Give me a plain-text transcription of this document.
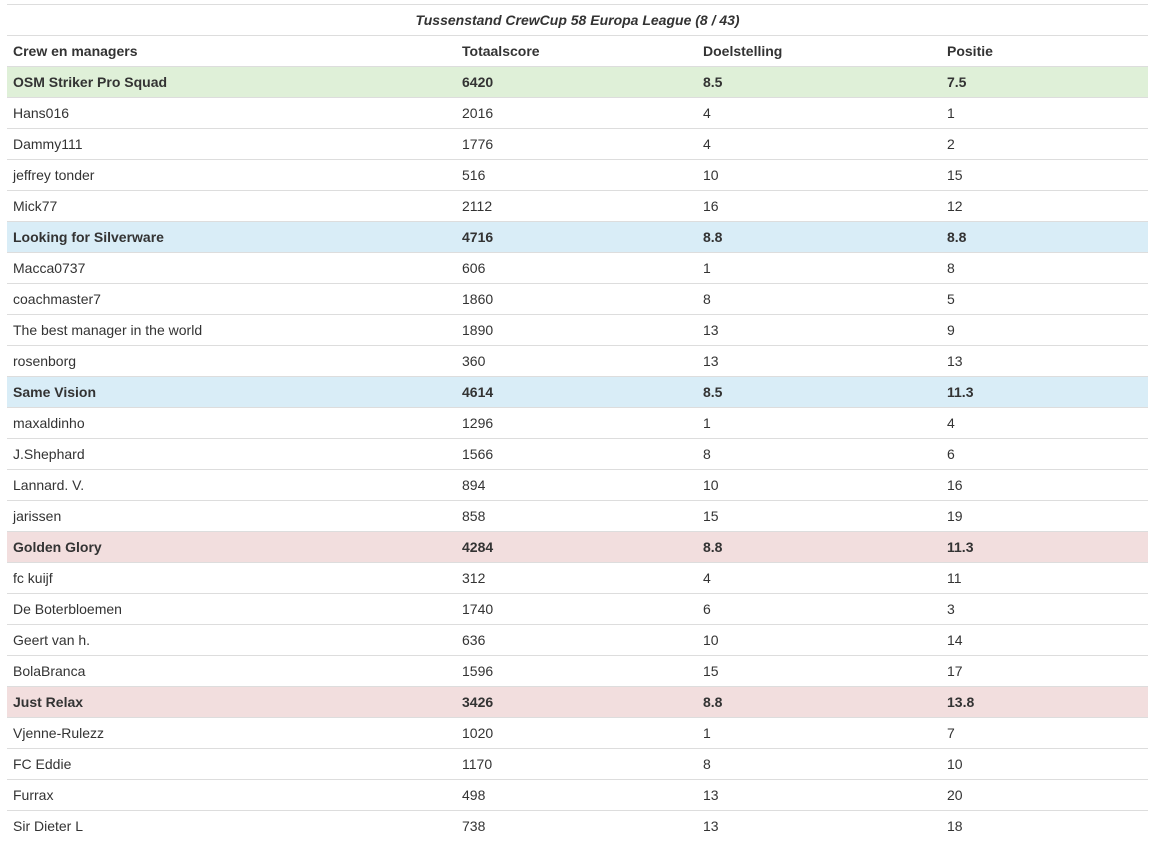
Tussenstand CrewCup 58 Europa League (8 / 43)			
Crew en managers	Totaalscore	Doelstelling	Positie
OSM Striker Pro Squad	6420	8.5	7.5
Hans016	2016	4	1
Dammy111	1776	4	2
jeffrey tonder	516	10	15
Mick77	2112	16	12
Looking for Silverware	4716	8.8	8.8
Macca0737	606	1	8
coachmaster7	1860	8	5
The best manager in the world	1890	13	9
rosenborg	360	13	13
Same Vision	4614	8.5	11.3
maxaldinho	1296	1	4
J.Shephard	1566	8	6
Lannard. V.	894	10	16
jarissen	858	15	19
Golden Glory	4284	8.8	11.3
fc kuijf	312	4	11
De Boterbloemen	1740	6	3
Geert van h.	636	10	14
BolaBranca	1596	15	17
Just Relax	3426	8.8	13.8
Vjenne-Rulezz	1020	1	7
FC Eddie	1170	8	10
Furrax	498	13	20
Sir Dieter L	738	13	18
